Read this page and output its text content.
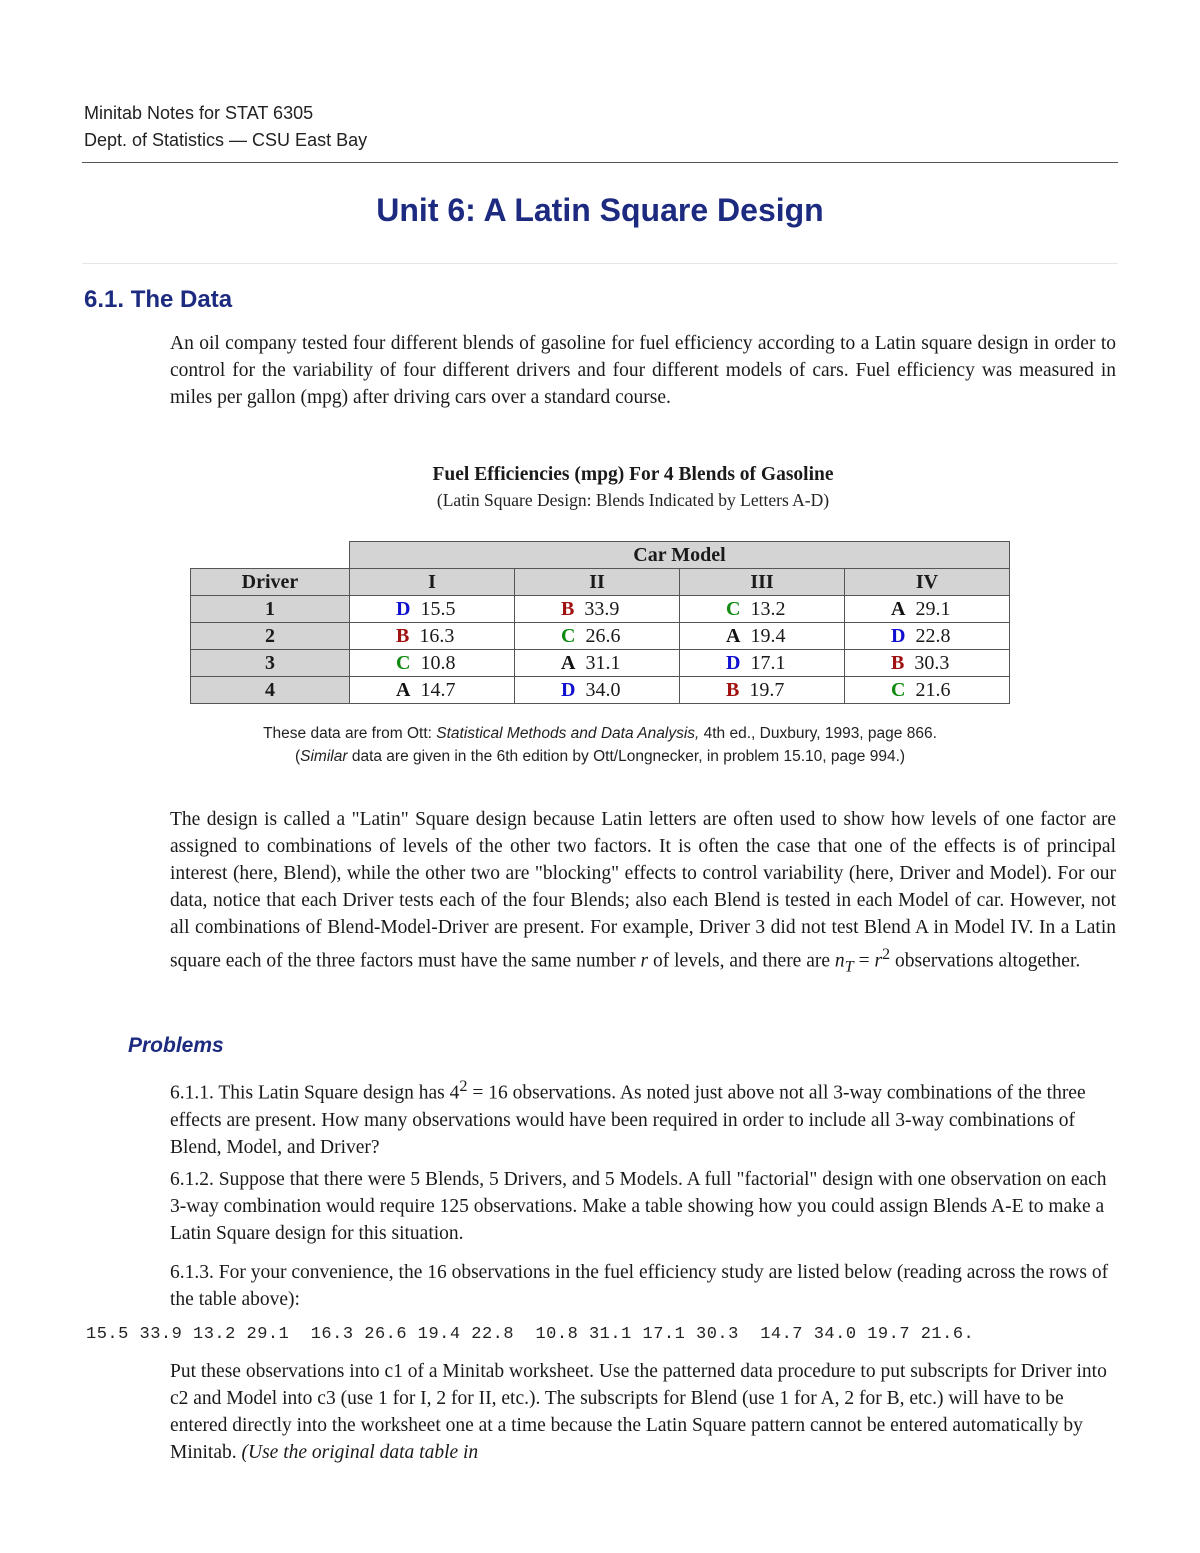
Minitab Notes for STAT 6305
Dept. of Statistics — CSU East Bay
Unit 6: A Latin Square Design
6.1. The Data
An oil company tested four different blends of gasoline for fuel efficiency according to a Latin square design in order to control for the variability of four different drivers and four different models of cars. Fuel efficiency was measured in miles per gallon (mpg) after driving cars over a standard course.
Fuel Efficiencies (mpg) For 4 Blends of Gasoline
(Latin Square Design: Blends Indicated by Letters A-D)
	Car Model			
Driver	I	II	III	IV
1	D 15.5	B 33.9	C 13.2	A 29.1
2	B 16.3	C 26.6	A 19.4	D 22.8
3	C 10.8	A 31.1	D 17.1	B 30.3
4	A 14.7	D 34.0	B 19.7	C 21.6
These data are from Ott: Statistical Methods and Data Analysis, 4th ed., Duxbury, 1993, page 866.
(Similar data are given in the 6th edition by Ott/Longnecker, in problem 15.10, page 994.)
The design is called a "Latin" Square design because Latin letters are often used to show how levels of one factor are assigned to combinations of levels of the other two factors. It is often the case that one of the effects is of principal interest (here, Blend), while the other two are "blocking" effects to control variability (here, Driver and Model). For our data, notice that each Driver tests each of the four Blends; also each Blend is tested in each Model of car. However, not all combinations of Blend-Model-Driver are present. For example, Driver 3 did not test Blend A in Model IV. In a Latin square each of the three factors must have the same number r of levels, and there are $n_T = r^2$ observations altogether.
Problems
6.1.1. This Latin Square design has $4^2 = 16$ observations. As noted just above not all 3-way combinations of the three effects are present. How many observations would have been required in order to include all 3-way combinations of Blend, Model, and Driver?
6.1.2. Suppose that there were 5 Blends, 5 Drivers, and 5 Models. A full "factorial" design with one observation on each 3-way combination would require 125 observations. Make a table showing how you could assign Blends A-E to make a Latin Square design for this situation.
6.1.3. For your convenience, the 16 observations in the fuel efficiency study are listed below (reading across the rows of the table above):
15.5 33.9 13.2 29.1  16.3 26.6 19.4 22.8  10.8 31.1 17.1 30.3  14.7 34.0 19.7 21.6.
Put these observations into c1 of a Minitab worksheet. Use the patterned data procedure to put subscripts for Driver into c2 and Model into c3 (use 1 for I, 2 for II, etc.). The subscripts for Blend (use 1 for A, 2 for B, etc.) will have to be entered directly into the worksheet one at a time because the Latin Square pattern cannot be entered automatically by Minitab. (Use the original data table in
